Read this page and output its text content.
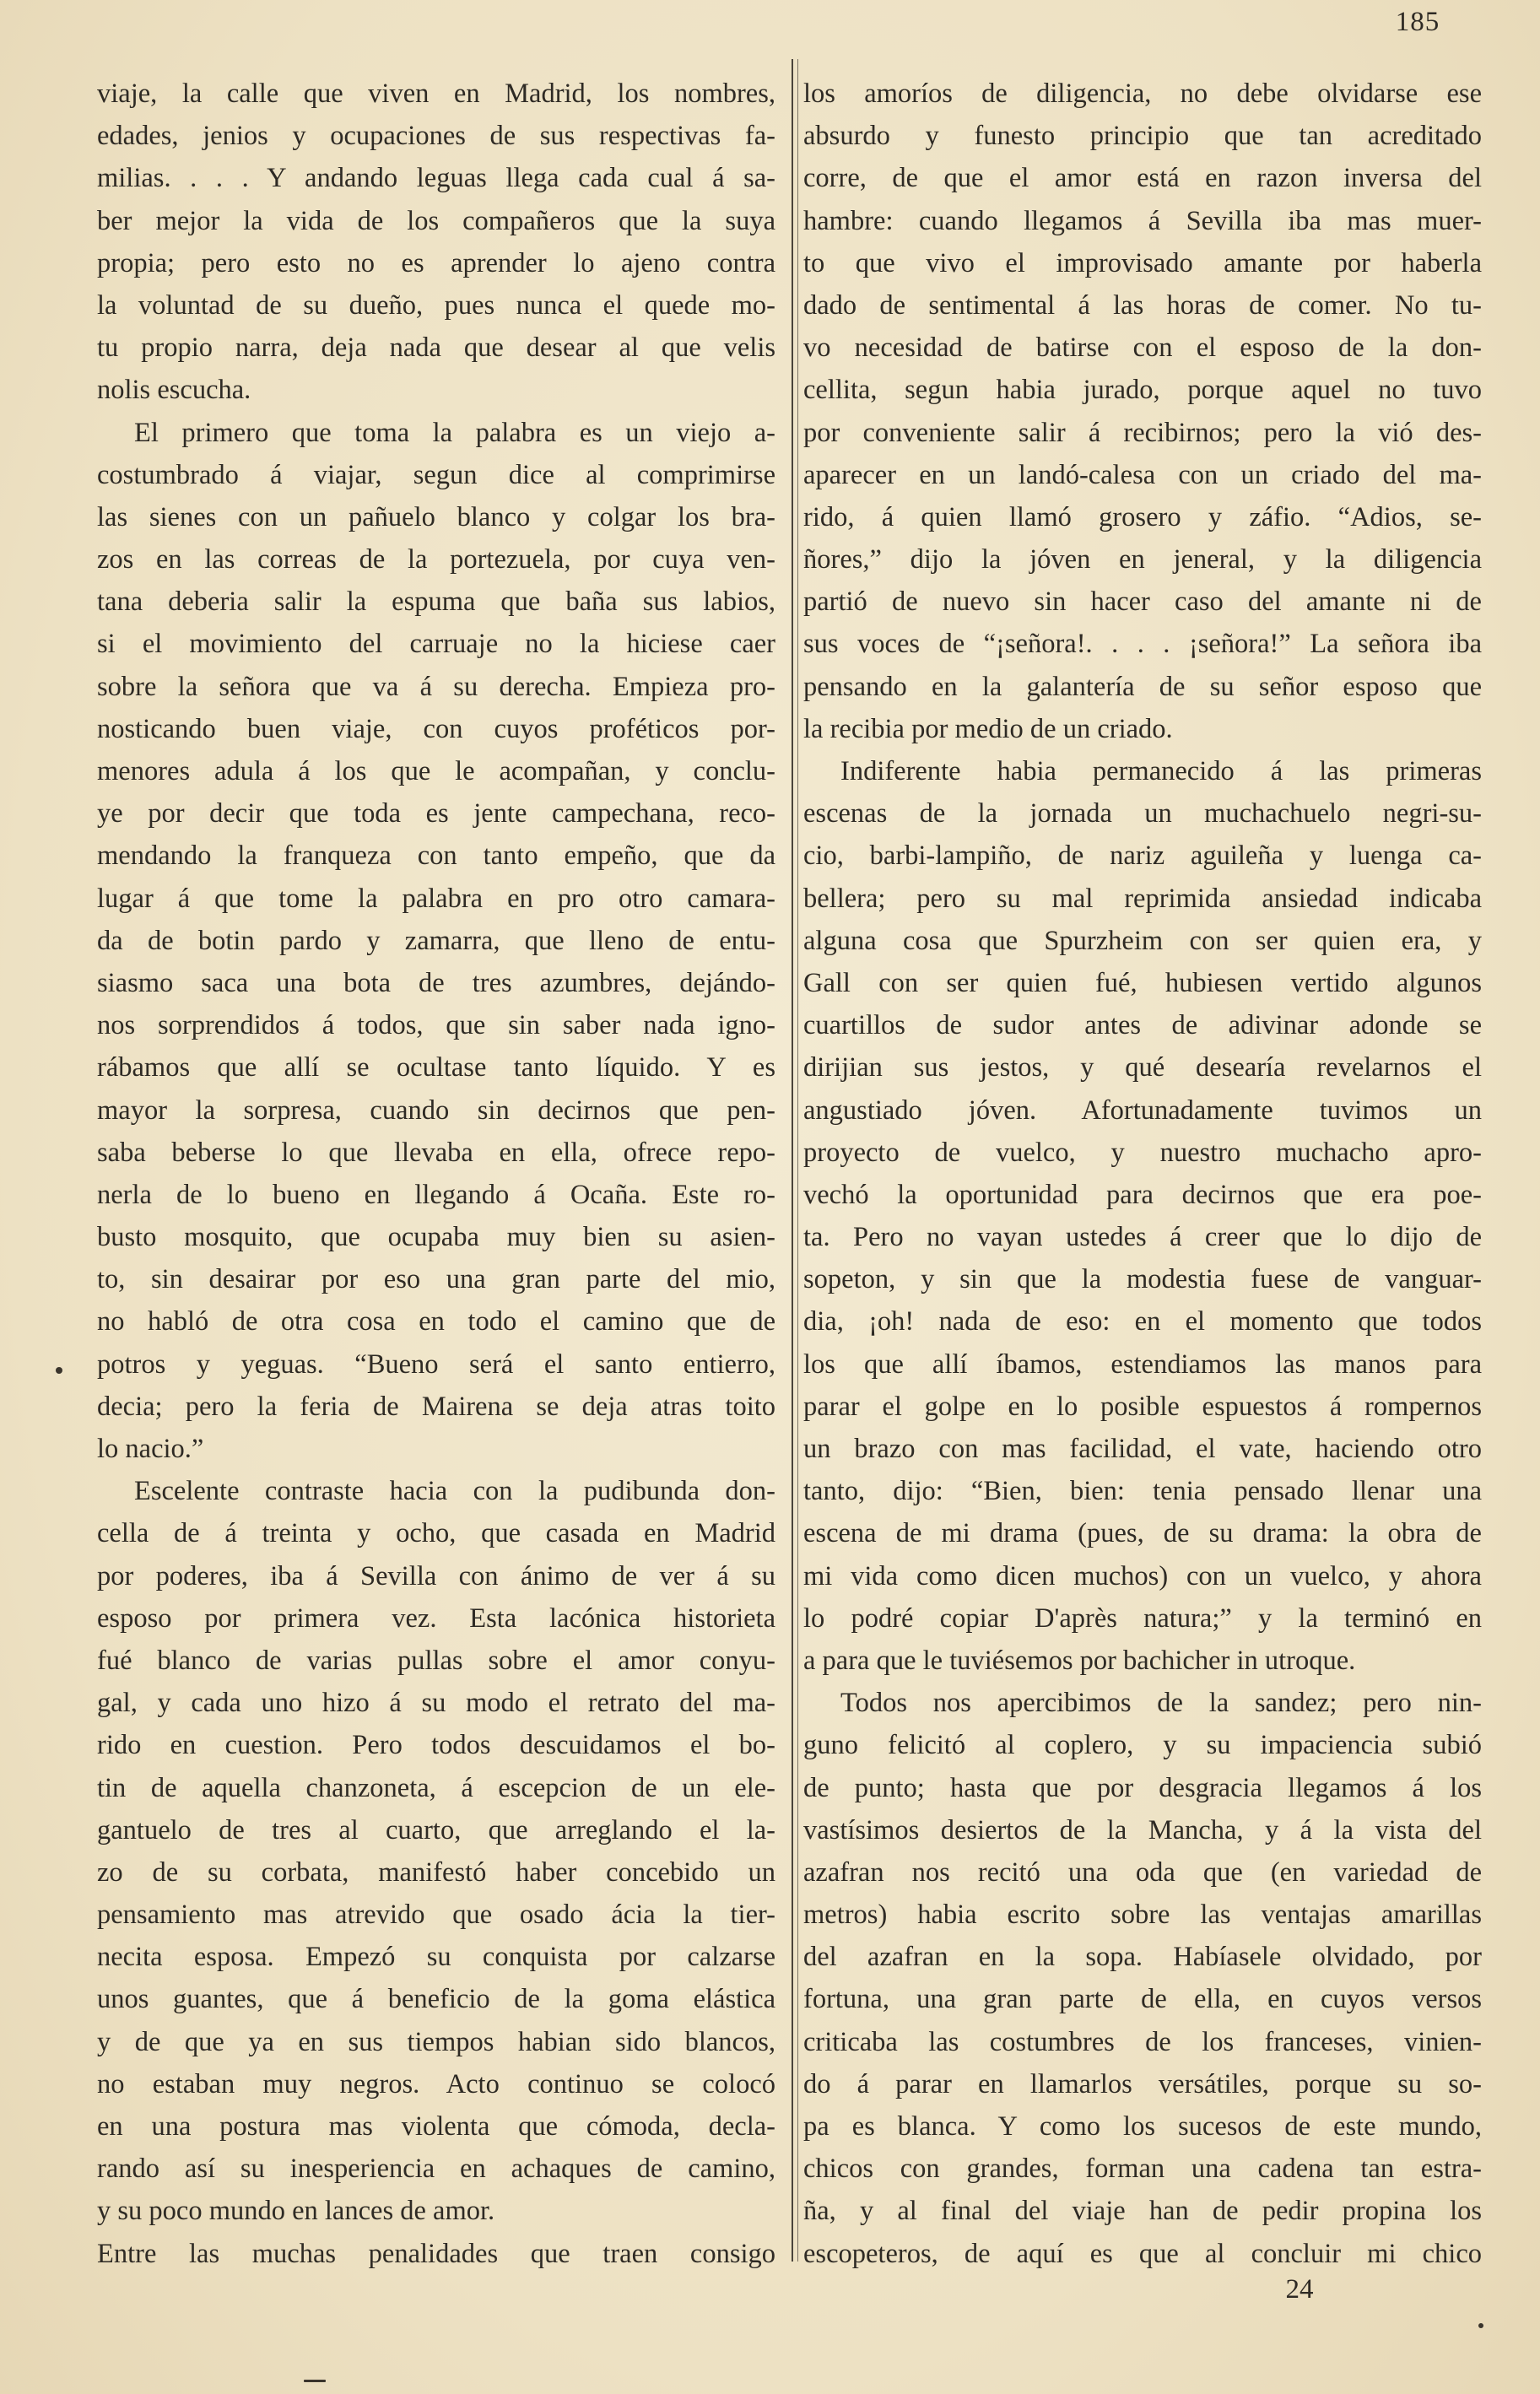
185
viaje, la calle que viven en Madrid, los nombres,
edades, jenios y ocupaciones de sus respectivas fa-
milias. . . . Y andando leguas llega cada cual á sa-
ber mejor la vida de los compañeros que la suya
propia; pero esto no es aprender lo ajeno contra
la voluntad de su dueño, pues nunca el quede mo-
tu propio narra, deja nada que desear al que velis
nolis escucha.
El primero que toma la palabra es un viejo a-
costumbrado á viajar, segun dice al comprimirse
las sienes con un pañuelo blanco y colgar los bra-
zos en las correas de la portezuela, por cuya ven-
tana deberia salir la espuma que baña sus labios,
si el movimiento del carruaje no la hiciese caer
sobre la señora que va á su derecha. Empieza pro-
nosticando buen viaje, con cuyos proféticos por-
menores adula á los que le acompañan, y conclu-
ye por decir que toda es jente campechana, reco-
mendando la franqueza con tanto empeño, que da
lugar á que tome la palabra en pro otro camara-
da de botin pardo y zamarra, que lleno de entu-
siasmo saca una bota de tres azumbres, dejándo-
nos sorprendidos á todos, que sin saber nada igno-
rábamos que allí se ocultase tanto líquido. Y es
mayor la sorpresa, cuando sin decirnos que pen-
saba beberse lo que llevaba en ella, ofrece repo-
nerla de lo bueno en llegando á Ocaña. Este ro-
busto mosquito, que ocupaba muy bien su asien-
to, sin desairar por eso una gran parte del mio,
no habló de otra cosa en todo el camino que de
potros y yeguas. “Bueno será el santo entierro,
decia; pero la feria de Mairena se deja atras toito
lo nacio.”
Escelente contraste hacia con la pudibunda don-
cella de á treinta y ocho, que casada en Madrid
por poderes, iba á Sevilla con ánimo de ver á su
esposo por primera vez. Esta lacónica historieta
fué blanco de varias pullas sobre el amor conyu-
gal, y cada uno hizo á su modo el retrato del ma-
rido en cuestion. Pero todos descuidamos el bo-
tin de aquella chanzoneta, á escepcion de un ele-
gantuelo de tres al cuarto, que arreglando el la-
zo de su corbata, manifestó haber concebido un
pensamiento mas atrevido que osado ácia la tier-
necita esposa. Empezó su conquista por calzarse
unos guantes, que á beneficio de la goma elástica
y de que ya en sus tiempos habian sido blancos,
no estaban muy negros. Acto continuo se colocó
en una postura mas violenta que cómoda, decla-
rando así su inesperiencia en achaques de camino,
y su poco mundo en lances de amor.
Entre las muchas penalidades que traen consigo
los amoríos de diligencia, no debe olvidarse ese
absurdo y funesto principio que tan acreditado
corre, de que el amor está en razon inversa del
hambre: cuando llegamos á Sevilla iba mas muer-
to que vivo el improvisado amante por haberla
dado de sentimental á las horas de comer. No tu-
vo necesidad de batirse con el esposo de la don-
cellita, segun habia jurado, porque aquel no tuvo
por conveniente salir á recibirnos; pero la vió des-
aparecer en un landó-calesa con un criado del ma-
rido, á quien llamó grosero y záfio. “Adios, se-
ñores,” dijo la jóven en jeneral, y la diligencia
partió de nuevo sin hacer caso del amante ni de
sus voces de “¡señora!. . . . ¡señora!” La señora iba
pensando en la galantería de su señor esposo que
la recibia por medio de un criado.
Indiferente habia permanecido á las primeras
escenas de la jornada un muchachuelo negri-su-
cio, barbi-lampiño, de nariz aguileña y luenga ca-
bellera; pero su mal reprimida ansiedad indicaba
alguna cosa que Spurzheim con ser quien era, y
Gall con ser quien fué, hubiesen vertido algunos
cuartillos de sudor antes de adivinar adonde se
dirijian sus jestos, y qué desearía revelarnos el
angustiado jóven. Afortunadamente tuvimos un
proyecto de vuelco, y nuestro muchacho apro-
vechó la oportunidad para decirnos que era poe-
ta. Pero no vayan ustedes á creer que lo dijo de
sopeton, y sin que la modestia fuese de vanguar-
dia, ¡oh! nada de eso: en el momento que todos
los que allí íbamos, estendiamos las manos para
parar el golpe en lo posible espuestos á rompernos
un brazo con mas facilidad, el vate, haciendo otro
tanto, dijo: “Bien, bien: tenia pensado llenar una
escena de mi drama (pues, de su drama: la obra de
mi vida como dicen muchos) con un vuelco, y ahora
lo podré copiar D'après natura;” y la terminó en
a para que le tuviésemos por bachicher in utroque.
Todos nos apercibimos de la sandez; pero nin-
guno felicitó al coplero, y su impaciencia subió
de punto; hasta que por desgracia llegamos á los
vastísimos desiertos de la Mancha, y á la vista del
azafran nos recitó una oda que (en variedad de
metros) habia escrito sobre las ventajas amarillas
del azafran en la sopa. Habíasele olvidado, por
fortuna, una gran parte de ella, en cuyos versos
criticaba las costumbres de los franceses, vinien-
do á parar en llamarlos versátiles, porque su so-
pa es blanca. Y como los sucesos de este mundo,
chicos con grandes, forman una cadena tan estra-
ña, y al final del viaje han de pedir propina los
escopeteros, de aquí es que al concluir mi chico
24
